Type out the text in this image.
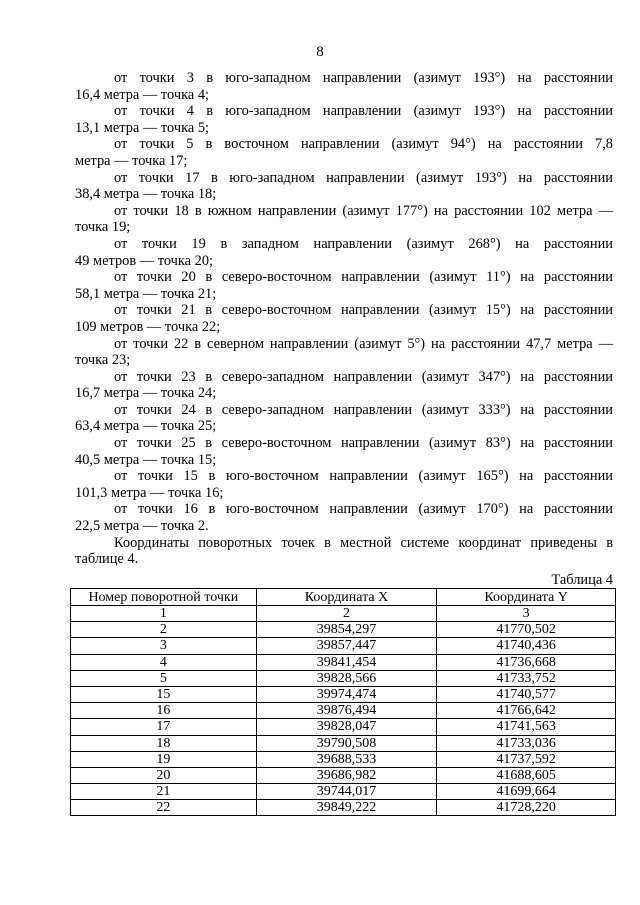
8

от точки 3 в юго-западном направлении (азимут 193°) на расстоянии

16,4 метра — точка 4;

от точки 4 в юго-западном направлении (азимут 193°) на расстоянии

13,1 метра — точка 5;

от точки 5 в восточном направлении (азимут 94°) на расстоянии 7,8

метра — точка 17;

от точки 17 в юго-западном направлении (азимут 193°) на расстоянии

38,4 метра — точка 18;

от точки 18 в южном направлении (азимут 177°) на расстоянии 102 метра —

точка 19;

от точки 19 в западном направлении (азимут 268°) на расстоянии

49 метров — точка 20;

от точки 20 в северо-восточном направлении (азимут 11°) на расстоянии

58,1 метра — точка 21;

от точки 21 в северо-восточном направлении (азимут 15°) на расстоянии

109 метров — точка 22;

от точки 22 в северном направлении (азимут 5°) на расстоянии 47,7 метра —

точка 23;

от точки 23 в северо-западном направлении (азимут 347°) на расстоянии

16,7 метра — точка 24;

от точки 24 в северо-западном направлении (азимут 333°) на расстоянии

63,4 метра — точка 25;

от точки 25 в северо-восточном направлении (азимут 83°) на расстоянии

40,5 метра — точка 15;

от точки 15 в юго-восточном направлении (азимут 165°) на расстоянии

101,3 метра — точка 16;

от точки 16 в юго-восточном направлении (азимут 170°) на расстоянии

22,5 метра — точка 2.

Координаты поворотных точек в местной системе координат приведены в

таблице 4.

Таблица 4
Номер поворотной точки	Координата X	Координата Y
1	2	3
2	39854,297	41770,502
3	39857,447	41740,436
4	39841,454	41736,668
5	39828,566	41733,752
15	39974,474	41740,577
16	39876,494	41766,642
17	39828,047	41741,563
18	39790,508	41733,036
19	39688,533	41737,592
20	39686,982	41688,605
21	39744,017	41699,664
22	39849,222	41728,220
